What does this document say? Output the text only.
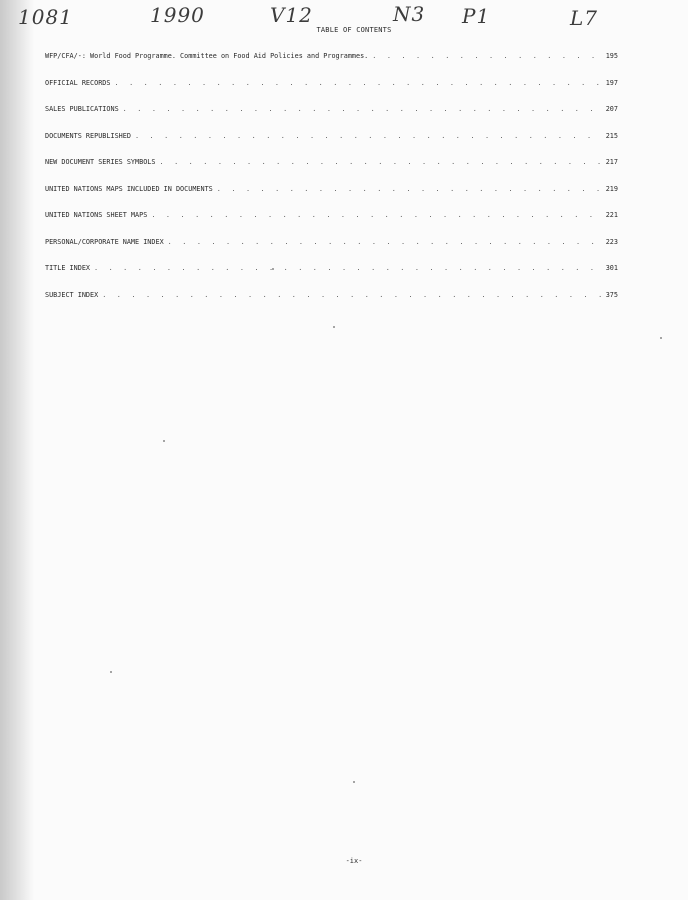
1081	1990	V12	N3 P1	L7
TABLE OF CONTENTS
WFP/CFA/-: World Food Programme. Committee on Food Aid Policies and Programmes. . . .	195
OFFICIAL RECORDS . . .	197
SALES PUBLICATIONS . . .	207
DOCUMENTS REPUBLISHED . . .	215
NEW DOCUMENT SERIES SYMBOLS . . .	217
UNITED NATIONS MAPS INCLUDED IN DOCUMENTS . . .	219
UNITED NATIONS SHEET MAPS . . .	221
PERSONAL/CORPORATE NAME INDEX . . .	223
TITLE INDEX . . .	301
SUBJECT INDEX . . .	375
-ix-
